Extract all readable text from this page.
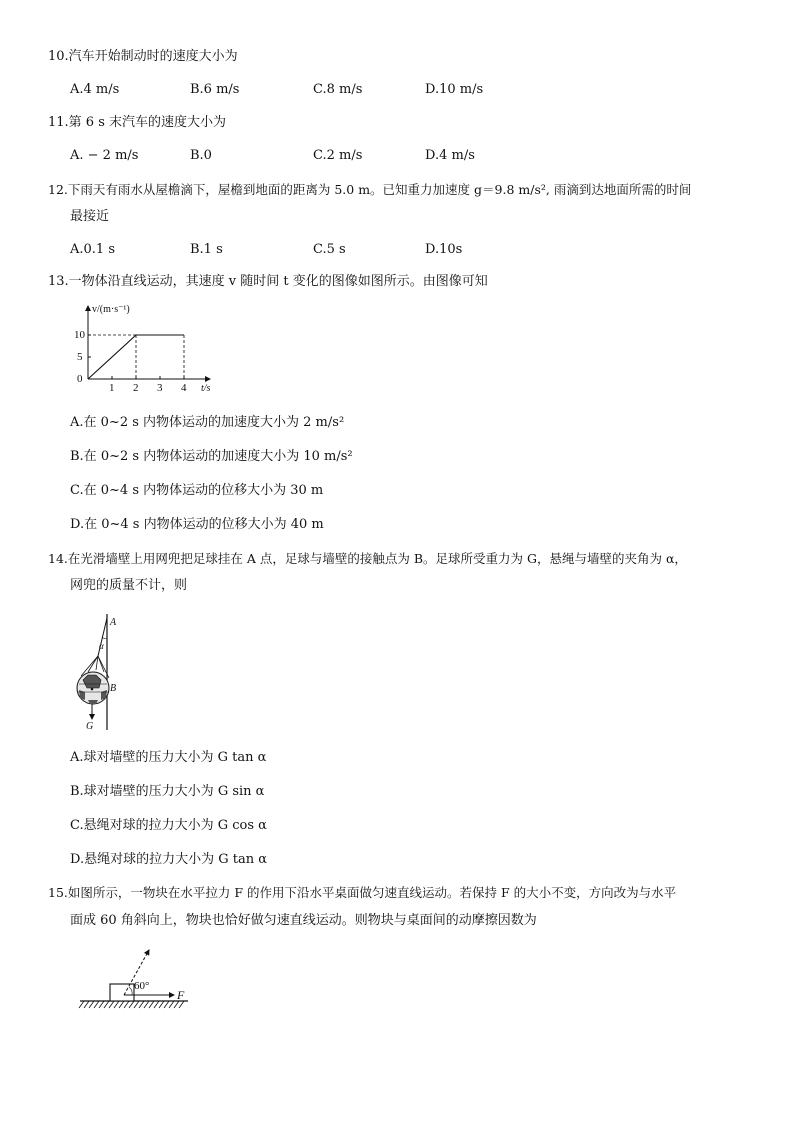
10.汽车开始制动时的速度大小为
A.4 m/s	B.6 m/s	C.8 m/s	D.10 m/s
11.第 6 s 末汽车的速度大小为
A. − 2 m/s	B.0	C.2 m/s	D.4 m/s
12.下雨天有雨水从屋檐滴下，屋檐到地面的距离为 5.0 m。已知重力加速度 g＝9.8 m/s², 雨滴到达地面所需的时间
最接近
A.0.1 s	B.1 s	C.5 s	D.10s
13.一物体沿直线运动，其速度 v 随时间 t 变化的图像如图所示。由图像可知
v/(m·s⁻¹)
t/s
10
5
0
1 2 3 4
A.在 0~2 s 内物体运动的加速度大小为 2 m/s²
B.在 0~2 s 内物体运动的加速度大小为 10 m/s²
C.在 0~4 s 内物体运动的位移大小为 30 m
D.在 0~4 s 内物体运动的位移大小为 40 m
14.在光滑墙壁上用网兜把足球挂在 A 点，足球与墙壁的接触点为 B。足球所受重力为 G，悬绳与墙壁的夹角为 α，
网兜的质量不计，则
A
α
B
G
A.球对墙壁的压力大小为 G tan α
B.球对墙壁的压力大小为 G sin α
C.悬绳对球的拉力大小为 G cos α
D.悬绳对球的拉力大小为 G tan α
15.如图所示，一物块在水平拉力 F 的作用下沿水平桌面做匀速直线运动。若保持 F 的大小不变，方向改为与水平
面成 60 角斜向上，物块也恰好做匀速直线运动。则物块与桌面间的动摩擦因数为
60°
F
